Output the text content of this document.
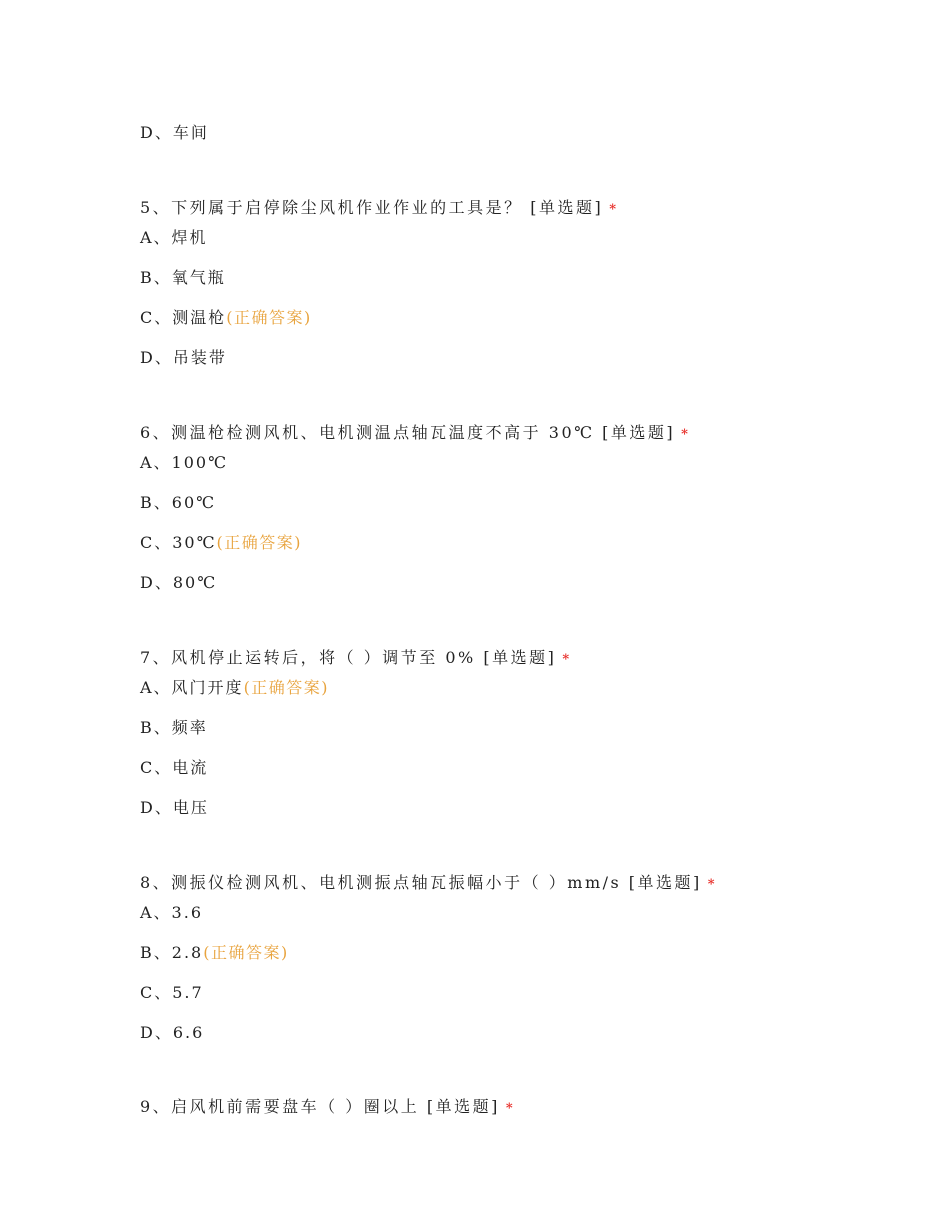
D、车间
5、下列属于启停除尘风机作业作业的工具是？ [单选题] *
A、焊机
B、氧气瓶
C、测温枪(正确答案)
D、吊装带
6、测温枪检测风机、电机测温点轴瓦温度不高于 30℃ [单选题] *
A、100℃
B、60℃
C、30℃(正确答案)
D、80℃
7、风机停止运转后，将（ ）调节至 0% [单选题] *
A、风门开度(正确答案)
B、频率
C、电流
D、电压
8、测振仪检测风机、电机测振点轴瓦振幅小于（ ）mm/s [单选题] *
A、3.6
B、2.8(正确答案)
C、5.7
D、6.6
9、启风机前需要盘车（ ）圈以上 [单选题] *
